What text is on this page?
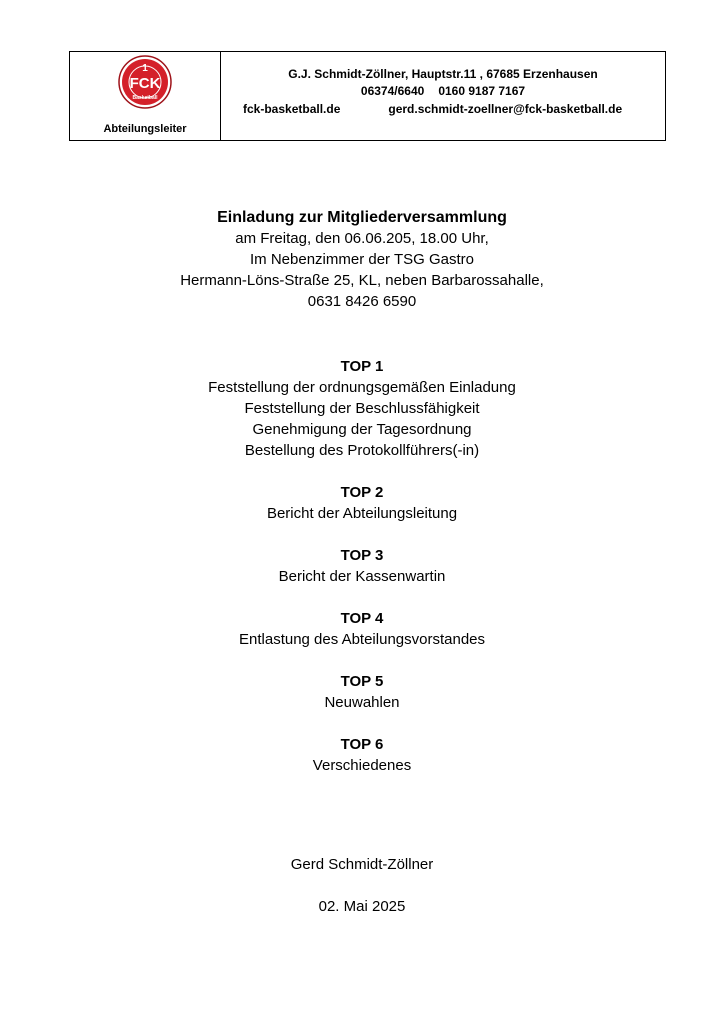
1
FCK
Basketball
Abteilungsleiter
G.J. Schmidt-Zöllner, Hauptstr.11 , 67685 Erzenhausen
06374/6640 0160 9187 7167
fck-basketball.de	gerd.schmidt-zoellner@fck-basketball.de
Einladung zur Mitgliederversammlung
am Freitag, den 06.06.205, 18.00 Uhr,
Im Nebenzimmer der TSG Gastro
Hermann-Löns-Straße 25, KL, neben Barbarossahalle,
0631 8426 6590
TOP 1
Feststellung der ordnungsgemäßen Einladung
Feststellung der Beschlussfähigkeit
Genehmigung der Tagesordnung
Bestellung des Protokollführers(-in)
TOP 2
Bericht der Abteilungsleitung
TOP 3
Bericht der Kassenwartin
TOP 4
Entlastung des Abteilungsvorstandes
TOP 5
Neuwahlen
TOP 6
Verschiedenes
Gerd Schmidt-Zöllner
02. Mai 2025
